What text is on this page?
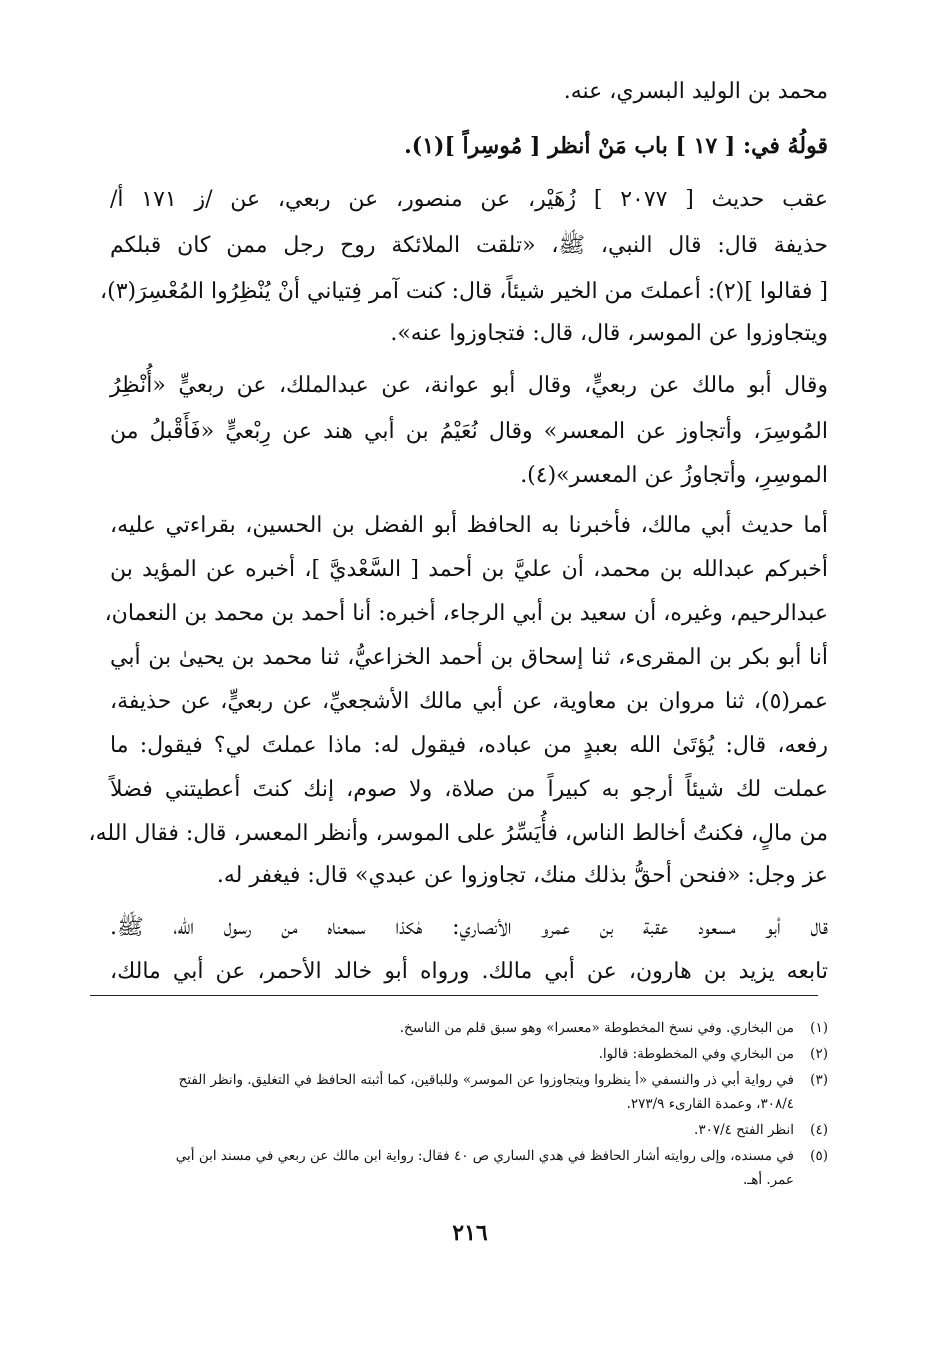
محمد بن الوليد البسري، عنه.
قولُهُ في: [ ١٧ ] باب مَنْ أنظر [ مُوسِراً ](١).
عقب حديث [ ٢٠٧٧ ] زُهَيْر، عن منصور، عن ربعي، عن /ز ١٧١ أ/
حذيفة قال: قال النبي، ﷺ، «تلقت الملائكة روح رجل ممن كان قبلكم
[ فقالوا ](٢): أعملتَ من الخير شيئاً، قال: كنت آمر فِتياني أنْ يُنْظِرُوا المُعْسِرَ(٣)،
ويتجاوزوا عن الموسر، قال، قال: فتجاوزوا عنه».
وقال أبو مالك عن ربعيٍّ، وقال أبو عوانة، عن عبدالملك، عن ربعيٍّ «أُنْظِرُ
المُوسِرَ، وأتجاوز عن المعسر» وقال نُعَيْمُ بن أبي هند عن رِبْعيٍّ «فَأَقْبلُ من
الموسِرِ، وأتجاوزُ عن المعسر»(٤).
أما حديث أبي مالك، فأخبرنا به الحافظ أبو الفضل بن الحسين، بقراءتي عليه،
أخبركم عبدالله بن محمد، أن عليَّ بن أحمد [ السَّعْديَّ ]، أخبره عن المؤيد بن
عبدالرحيم، وغيره، أن سعيد بن أبي الرجاء، أخبره: أنا أحمد بن محمد بن النعمان،
أنا أبو بكر بن المقرىء، ثنا إسحاق بن أحمد الخزاعيُّ، ثنا محمد بن يحيىٰ بن أبي
عمر(٥)، ثنا مروان بن معاوية، عن أبي مالك الأشجعيِّ، عن ربعيٍّ، عن حذيفة،
رفعه، قال: يُؤتَىٰ الله بعبدٍ من عباده، فيقول له: ماذا عملتَ لي؟ فيقول: ما
عملت لك شيئاً أرجو به كبيراً من صلاة، ولا صوم، إنك كنتَ أعطيتني فضلاً
من مالٍ، فكنتُ أخالط الناس، فأُيَسِّرُ على الموسر، وأنظر المعسر، قال: فقال الله،
عز وجل: «فنحن أحقُّ بذلك منك، تجاوزوا عن عبدي» قال: فيغفر له.
قال أبو مسعود عقبة بن عمرو الأنصاري: هٰكذا سمعناه من رسول الله، ﷺ.
تابعه يزيد بن هارون، عن أبي مالك. ورواه أبو خالد الأحمر، عن أبي مالك،
(١)من البخاري. وفي نسخ المخطوطة «معسرا» وهو سبق قلم من الناسخ.
(٢)من البخاري وفي المخطوطة: قالوا.
(٣)في رواية أبي ذر والنسفي «أ ينظروا ويتجاوزوا عن الموسر» وللباقين، كما أثبته الحافظ في التغليق. وانظر الفتح
٣٠٨/٤، وعمدة القارىء ٢٧٣/٩.
(٤)انظر الفتح ٣٠٧/٤.
(٥)في مسنده، وإلى روايته أشار الحافظ في هدي الساري ص ٤٠ فقال: رواية ابن مالك عن ربعي في مسند ابن أبي
عمر. أهـ.
٢١٦
